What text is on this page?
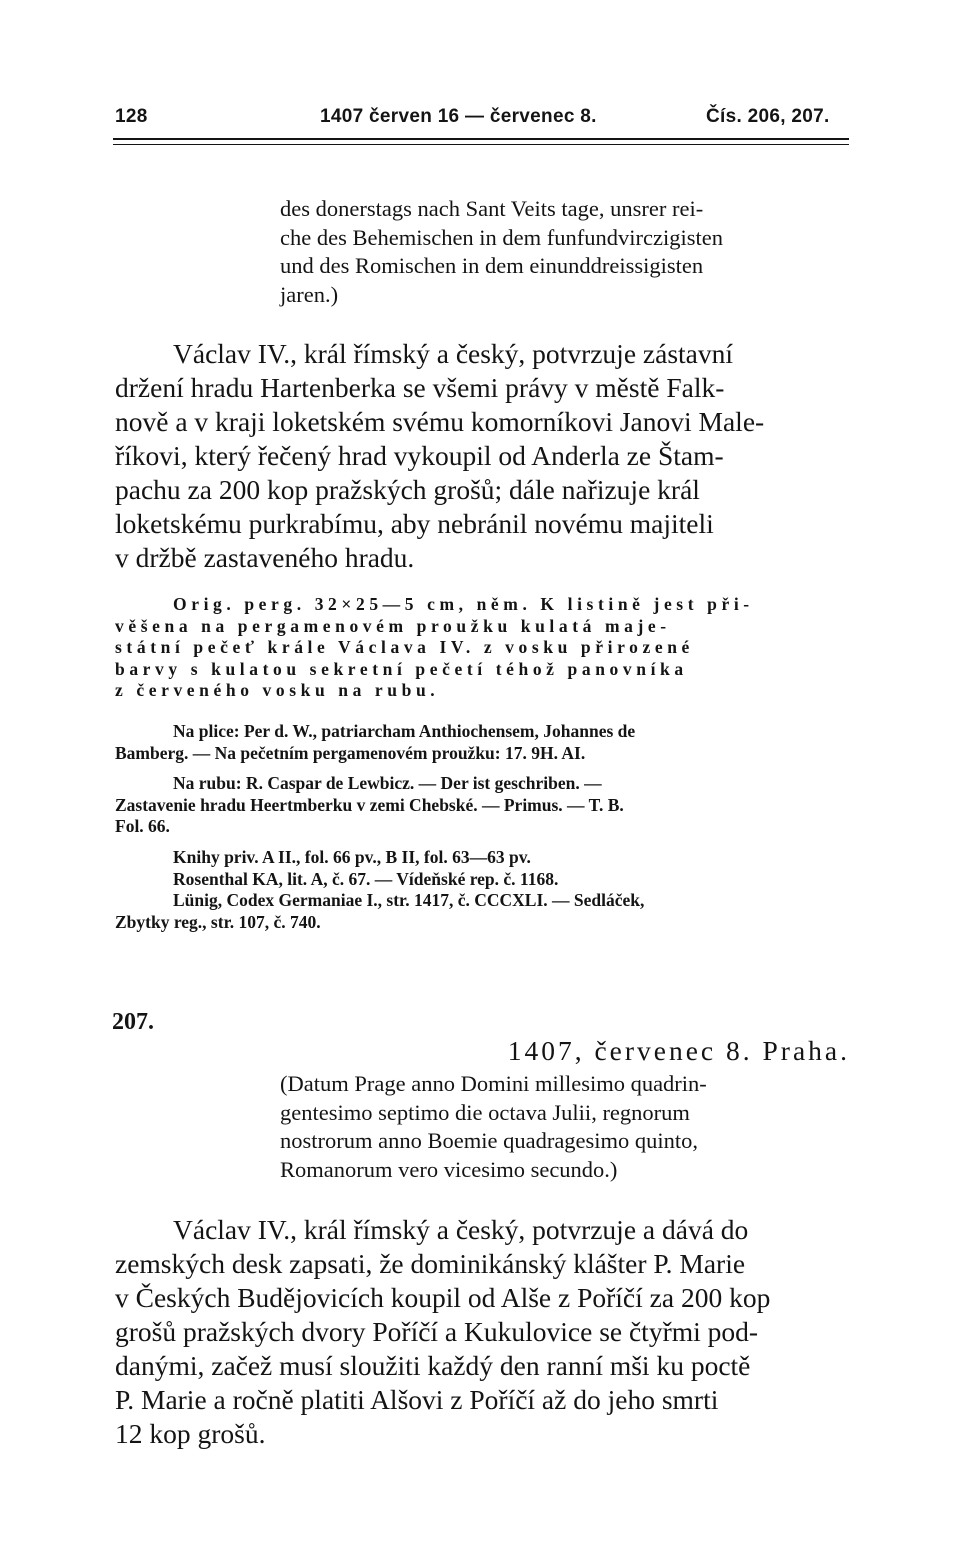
128	1407 červen 16 — červenec 8.	Čís. 206, 207.
des donerstags nach Sant Veits tage, unsrer rei-
che des Behemischen in dem funfundvirczigisten
und des Romischen in dem einunddreissigisten
jaren.)
Václav IV., král římský a český, potvrzuje zástavní
držení hradu Hartenberka se všemi právy v městě Falk-
nově a v kraji loketském svému komorníkovi Janovi Male-
říkovi, který řečený hrad vykoupil od Anderla ze Štam-
pachu za 200 kop pražských grošů; dále nařizuje král
loketskému purkrabímu, aby nebránil novému majiteli
v držbě zastaveného hradu.
Orig. perg. 32×25—5 cm, něm. K listině jest při-
věšena na pergamenovém proužku kulatá maje-
státní pečeť krále Václava IV. z vosku přirozené
barvy s kulatou sekretní pečetí téhož panovníka
z červeného vosku na rubu.
Na plice: Per d. W., patriarcham Anthiochensem, Johannes de
Bamberg. — Na pečetním pergamenovém proužku: 17. 9H. AI.
Na rubu: R. Caspar de Lewbicz. — Der ist geschriben. —
Zastavenie hradu Heertmberku v zemi Chebské. — Primus. — T. B.
Fol. 66.
Knihy priv. A II., fol. 66 pv., B II, fol. 63—63 pv.
Rosenthal KA, lit. A, č. 67. — Vídeňské rep. č. 1168.
Lünig, Codex Germaniae I., str. 1417, č. CCCXLI. — Sedláček,
Zbytky reg., str. 107, č. 740.
207.
1407, červenec 8. Praha.
(Datum Prage anno Domini millesimo quadrin-
gentesimo septimo die octava Julii, regnorum
nostrorum anno Boemie quadragesimo quinto,
Romanorum vero vicesimo secundo.)
Václav IV., král římský a český, potvrzuje a dává do
zemských desk zapsati, že dominikánský klášter P. Marie
v Českých Budějovicích koupil od Alše z Poříčí za 200 kop
grošů pražských dvory Poříčí a Kukulovice se čtyřmi pod-
danými, začež musí sloužiti každý den ranní mši ku poctě
P. Marie a ročně platiti Alšovi z Poříčí až do jeho smrti
12 kop grošů.
